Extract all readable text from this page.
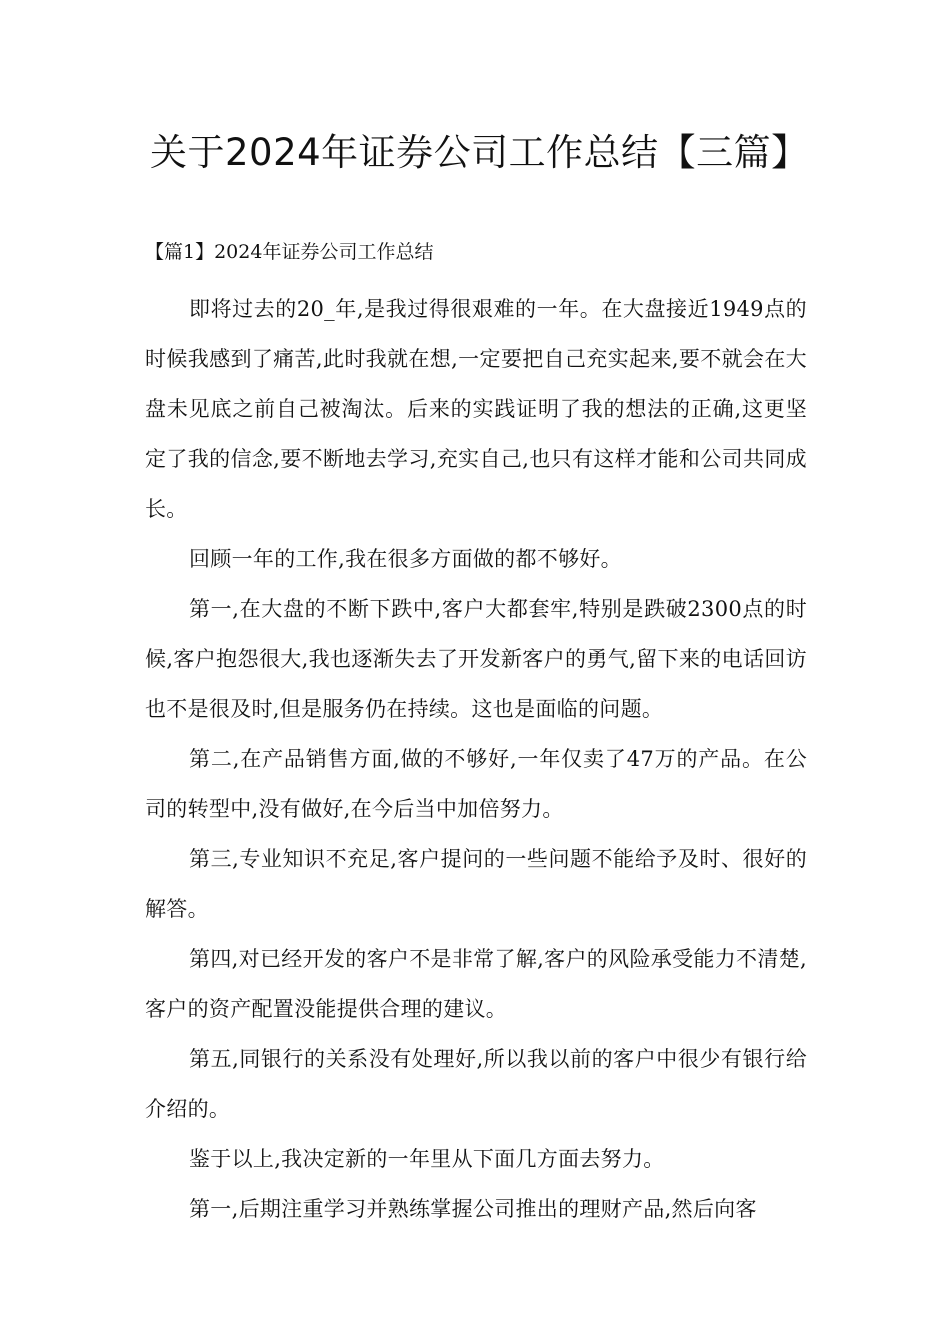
关于2024年证券公司工作总结【三篇】
【篇1】2024年证券公司工作总结

即将过去的20_年,是我过得很艰难的一年。在大盘接近1949点的时候我感到了痛苦,此时我就在想,一定要把自己充实起来,要不就会在大盘未见底之前自己被淘汰。后来的实践证明了我的想法的正确,这更坚定了我的信念,要不断地去学习,充实自己,也只有这样才能和公司共同成长。

回顾一年的工作,我在很多方面做的都不够好。

第一,在大盘的不断下跌中,客户大都套牢,特别是跌破2300点的时候,客户抱怨很大,我也逐渐失去了开发新客户的勇气,留下来的电话回访也不是很及时,但是服务仍在持续。这也是面临的问题。

第二,在产品销售方面,做的不够好,一年仅卖了47万的产品。在公司的转型中,没有做好,在今后当中加倍努力。

第三,专业知识不充足,客户提问的一些问题不能给予及时、很好的解答。

第四,对已经开发的客户不是非常了解,客户的风险承受能力不清楚,客户的资产配置没能提供合理的建议。

第五,同银行的关系没有处理好,所以我以前的客户中很少有银行给介绍的。

鉴于以上,我决定新的一年里从下面几方面去努力。

第一,后期注重学习并熟练掌握公司推出的理财产品,然后向客
